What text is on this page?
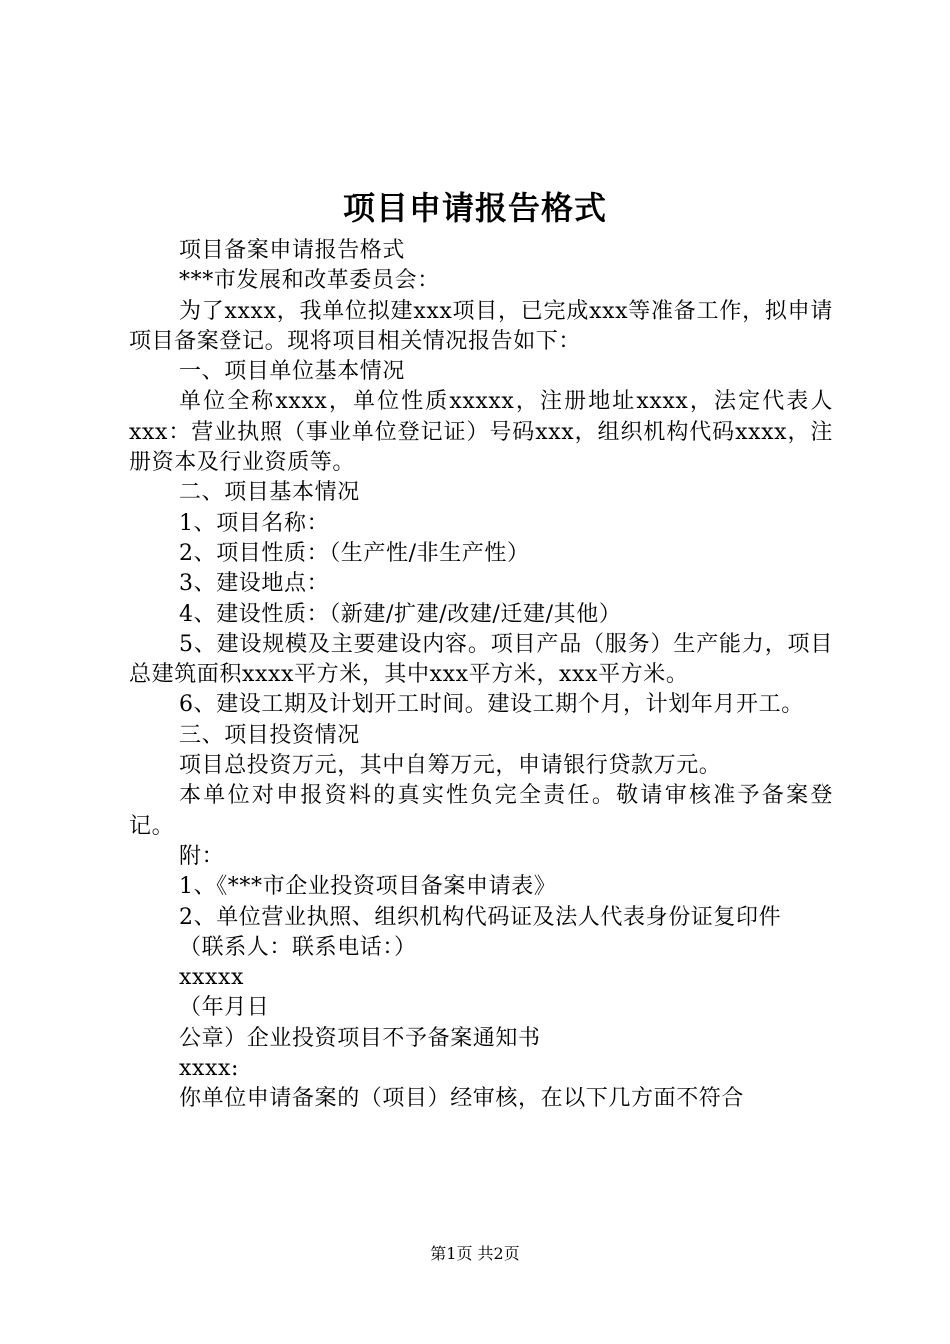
项目申请报告格式

项目备案申请报告格式

***市发展和改革委员会：

为了xxxx，我单位拟建xxx项目，已完成xxx等准备工作，拟申请项目备案登记。现将项目相关情况报告如下：

一、项目单位基本情况

单位全称xxxx，单位性质xxxxx，注册地址xxxx，法定代表人xxx：营业执照（事业单位登记证）号码xxx，组织机构代码xxxx，注册资本及行业资质等。

二、项目基本情况

1、项目名称：

2、项目性质：（生产性/非生产性）

3、建设地点：

4、建设性质：（新建/扩建/改建/迁建/其他）

5、建设规模及主要建设内容。项目产品（服务）生产能力，项目总建筑面积xxxx平方米，其中xxx平方米，xxx平方米。

6、建设工期及计划开工时间。建设工期个月，计划年月开工。

三、项目投资情况

项目总投资万元，其中自筹万元，申请银行贷款万元。

本单位对申报资料的真实性负完全责任。敬请审核准予备案登记。

附：

1、《***市企业投资项目备案申请表》

2、单位营业执照、组织机构代码证及法人代表身份证复印件

（联系人：联系电话：）

xxxxx

（年月日

公章）企业投资项目不予备案通知书

xxxx:

你单位申请备案的（项目）经审核，在以下几方面不符合

第1页 共2页
